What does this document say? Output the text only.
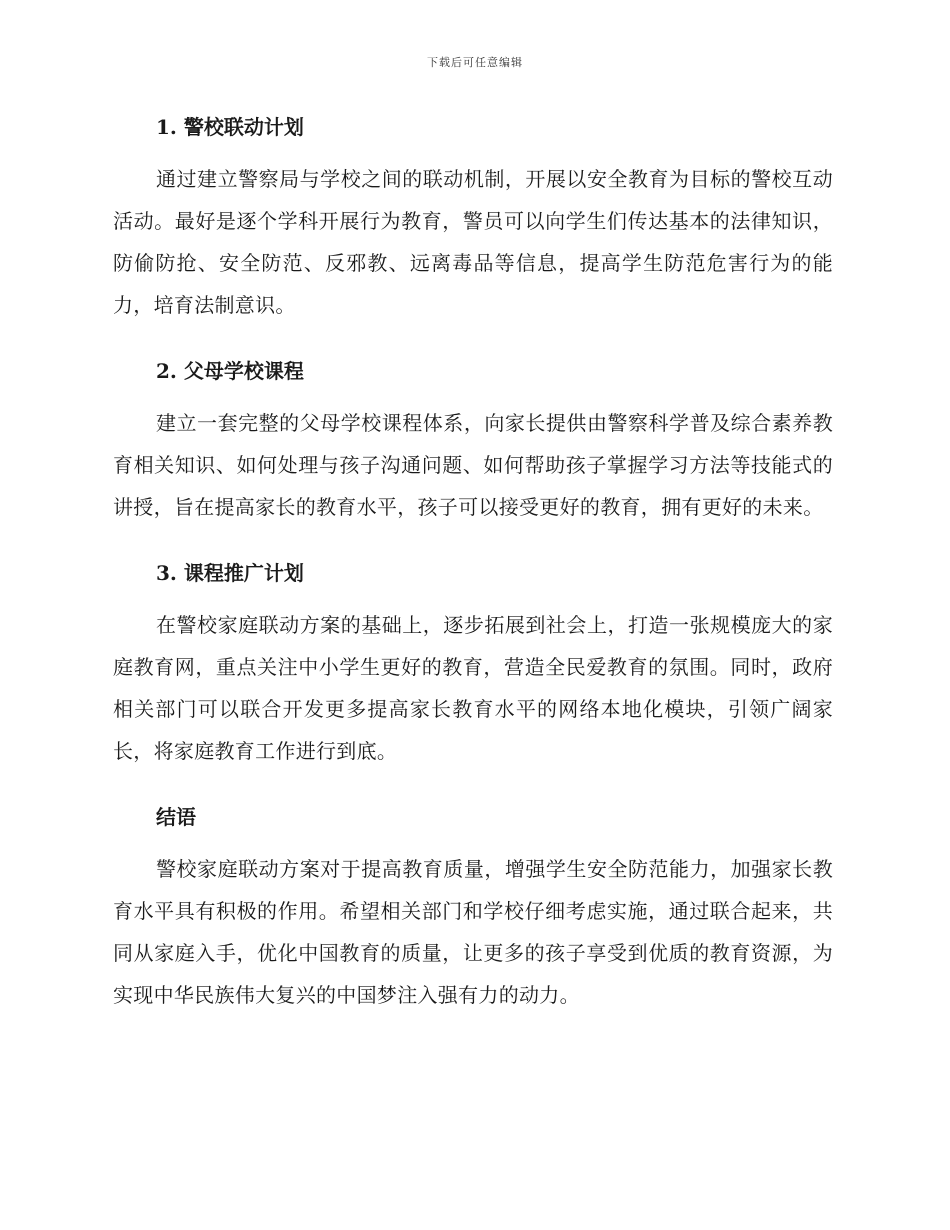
下载后可任意编辑
1. 警校联动计划

通过建立警察局与学校之间的联动机制，开展以安全教育为目标的警校互动活动。最好是逐个学科开展行为教育，警员可以向学生们传达基本的法律知识，防偷防抢、安全防范、反邪教、远离毒品等信息，提高学生防范危害行为的能力，培育法制意识。

2. 父母学校课程

建立一套完整的父母学校课程体系，向家长提供由警察科学普及综合素养教育相关知识、如何处理与孩子沟通问题、如何帮助孩子掌握学习方法等技能式的讲授，旨在提高家长的教育水平，孩子可以接受更好的教育，拥有更好的未来。

3. 课程推广计划

在警校家庭联动方案的基础上，逐步拓展到社会上，打造一张规模庞大的家庭教育网，重点关注中小学生更好的教育，营造全民爱教育的氛围。同时，政府相关部门可以联合开发更多提高家长教育水平的网络本地化模块，引领广阔家长，将家庭教育工作进行到底。

结语

警校家庭联动方案对于提高教育质量，增强学生安全防范能力，加强家长教育水平具有积极的作用。希望相关部门和学校仔细考虑实施，通过联合起来，共同从家庭入手，优化中国教育的质量，让更多的孩子享受到优质的教育资源，为实现中华民族伟大复兴的中国梦注入强有力的动力。
